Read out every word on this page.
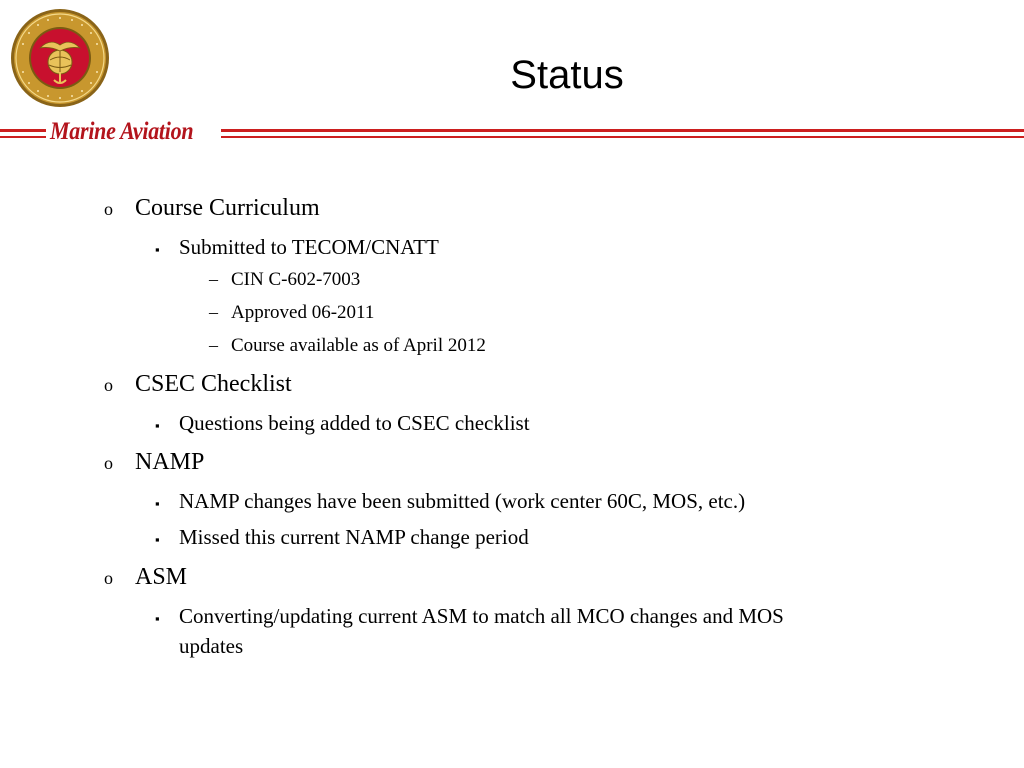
Status
Marine Aviation
o Course Curriculum
▪ Submitted to TECOM/CNATT
– CIN C-602-7003
– Approved 06-2011
– Course available as of April 2012
o CSEC Checklist
▪ Questions being added to CSEC checklist
o NAMP
▪ NAMP changes have been submitted (work center 60C, MOS, etc.)
▪ Missed this current NAMP change period
o ASM
▪ Converting/updating current ASM to match all MCO changes and MOS
updates
